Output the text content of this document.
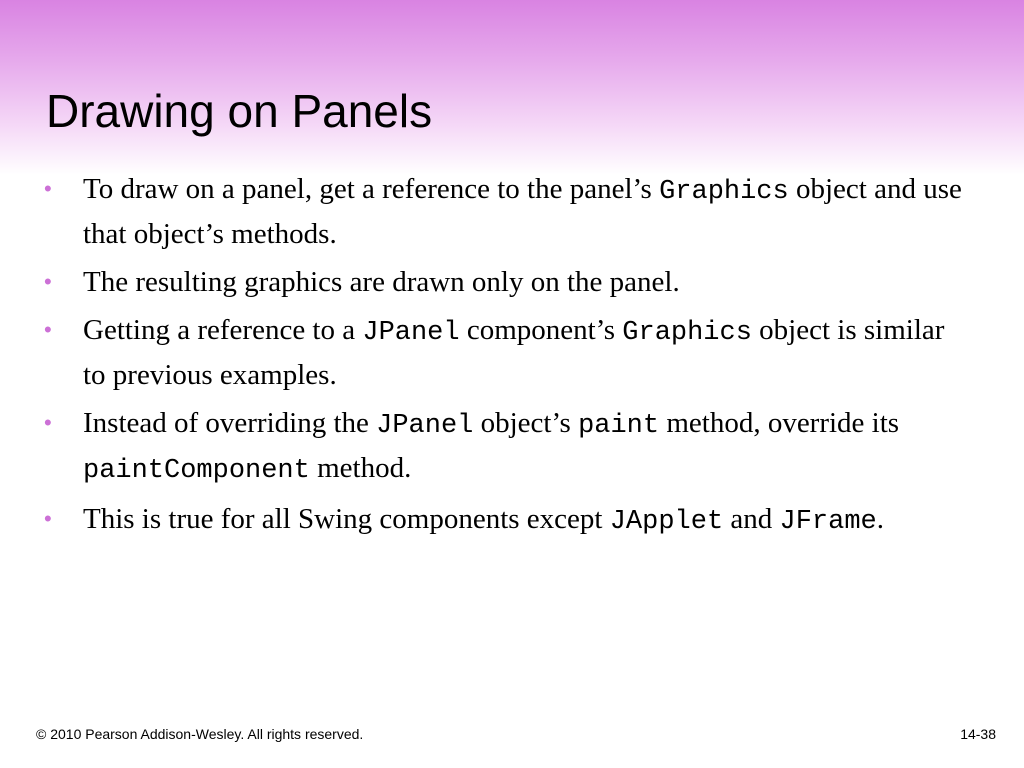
Drawing on Panels
• To draw on a panel, get a reference to the panel’s Graphics object and use that object’s methods.
• The resulting graphics are drawn only on the panel.
• Getting a reference to a JPanel component’s Graphics object is similar to previous examples.
• Instead of overriding the JPanel object’s paint method, override its paintComponent method.
• This is true for all Swing components except JApplet and JFrame.
© 2010 Pearson Addison-Wesley. All rights reserved.	14-38
